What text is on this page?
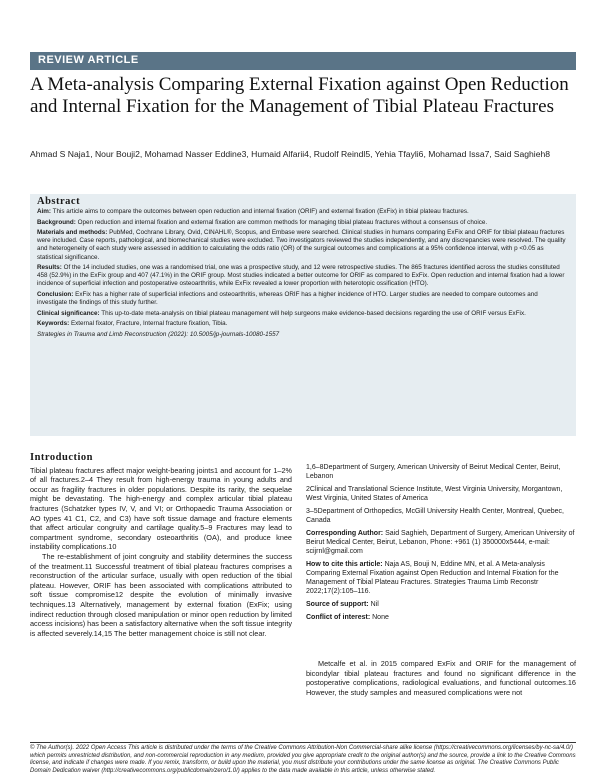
REVIEW ARTICLE
A Meta-analysis Comparing External Fixation against Open Reduction and Internal Fixation for the Management of Tibial Plateau Fractures
Ahmad S Naja1, Nour Bouji2, Mohamad Nasser Eddine3, Humaid Alfarii4, Rudolf Reindl5, Yehia Tfayli6, Mohamad Issa7, Said Saghieh8
Abstract
Aim: This article aims to compare the outcomes between open reduction and internal fixation (ORIF) and external fixation (ExFix) in tibial plateau fractures.
Background: Open reduction and internal fixation and external fixation are common methods for managing tibial plateau fractures without a consensus of choice.
Materials and methods: PubMed, Cochrane Library, Ovid, CINAHL®, Scopus, and Embase were searched. Clinical studies in humans comparing ExFix and ORIF for tibial plateau fractures were included. Case reports, pathological, and biomechanical studies were excluded. Two investigators reviewed the studies independently, and any discrepancies were resolved. The quality and heterogeneity of each study were assessed in addition to calculating the odds ratio (OR) of the surgical outcomes and complications at a 95% confidence interval, with p <0.05 as statistical significance.
Results: Of the 14 included studies, one was a randomised trial, one was a prospective study, and 12 were retrospective studies. The 865 fractures identified across the studies constituted 458 (52.9%) in the ExFix group and 407 (47.1%) in the ORIF group. Most studies indicated a better outcome for ORIF as compared to ExFix. Open reduction and internal fixation had a lower incidence of superficial infection and postoperative osteoarthritis, while ExFix revealed a lower proportion with heterotopic ossification (HTO).
Conclusion: ExFix has a higher rate of superficial infections and osteoarthritis, whereas ORIF has a higher incidence of HTO. Larger studies are needed to compare outcomes and investigate the findings of this study further.
Clinical significance: This up-to-date meta-analysis on tibial plateau management will help surgeons make evidence-based decisions regarding the use of ORIF versus ExFix.
Keywords: External fixator, Fracture, Internal fracture fixation, Tibia.
Strategies in Trauma and Limb Reconstruction (2022): 10.5005/jp-journals-10080-1557
Introduction

Tibial plateau fractures affect major weight-bearing joints1 and account for 1–2% of all fractures.2–4 They result from high-energy trauma in young adults and occur as fragility fractures in older populations. Despite its rarity, the sequelae might be devastating. The high-energy and complex articular tibial plateau fractures (Schatzker types IV, V, and VI; or Orthopaedic Trauma Association or AO types 41 C1, C2, and C3) have soft tissue damage and fracture elements that affect articular congruity and cartilage quality.5–9 Fractures may lead to compartment syndrome, secondary osteoarthritis (OA), and produce knee instability complications.10

The re-establishment of joint congruity and stability determines the success of the treatment.11 Successful treatment of tibial plateau fractures comprises a reconstruction of the articular surface, usually with open reduction of the tibial plateau. However, ORIF has been associated with complications attributed to soft tissue compromise12 despite the evolution of minimally invasive techniques.13 Alternatively, management by external fixation (ExFix; using indirect reduction through closed manipulation or minor open reduction by limited access incisions) has been a satisfactory alternative when the soft tissue integrity is affected severely.14,15 The better management choice is still not clear.

1,6–8Department of Surgery, American University of Beirut Medical Center, Beirut, Lebanon

2Clinical and Translational Science Institute, West Virginia University, Morgantown, West Virginia, United States of America

3–5Department of Orthopedics, McGill University Health Center, Montreal, Quebec, Canada

Corresponding Author: Said Saghieh, Department of Surgery, American University of Beirut Medical Center, Beirut, Lebanon, Phone: +961 (1) 350000x5444, e-mail: scijrnl@gmail.com

How to cite this article: Naja AS, Bouji N, Eddine MN, et al. A Meta-analysis Comparing External Fixation against Open Reduction and Internal Fixation for the Management of Tibial Plateau Fractures. Strategies Trauma Limb Reconstr 2022;17(2):105–116.

Source of support: Nil

Conflict of interest: None

Metcalfe et al. in 2015 compared ExFix and ORIF for the management of bicondylar tibial plateau fractures and found no significant difference in the postoperative complications, radiological evaluations, and functional outcomes.16 However, the study samples and measured complications were not

© The Author(s). 2022 Open Access This article is distributed under the terms of the Creative Commons Attribution-Non Commercial-share alike license (https://creativecommons.org/licenses/by-nc-sa/4.0/) which permits unrestricted distribution, and non-commercial reproduction in any medium, provided you give appropriate credit to the original author(s) and the source, provide a link to the Creative Commons license, and indicate if changes were made. If you remix, transform, or build upon the material, you must distribute your contributions under the same license as original. The Creative Commons Public Domain Dedication waiver (http://creativecommons.org/publicdomain/zero/1.0/) applies to the data made available in this article, unless otherwise stated.
